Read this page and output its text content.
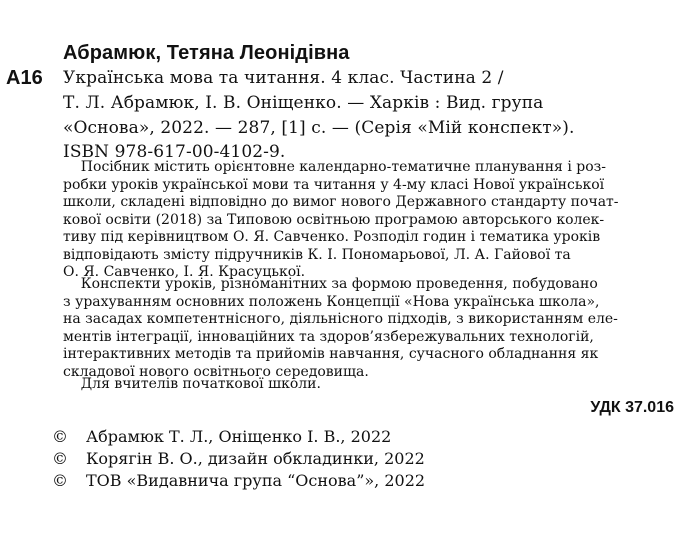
Абрамюк, Тетяна Леонідівна
А16 Українська мова та читання. 4 клас. Частина 2 /
Т. Л. Абрамюк, І. В. Оніщенко. — Харків : Вид. група
«Основа», 2022. — 287, [1] с. — (Серія «Мій конспект»).
ISBN 978-617-00-4102-9.
Посібник містить орієнтовне календарно-тематичне планування і роз-
робки уроків української мови та читання у 4-му класі Нової української
школи, складені відповідно до вимог нового Державного стандарту почат-
кової освіти (2018) за Типовою освітньою програмою авторського колек-
тиву під керівництвом О. Я. Савченко. Розподіл годин і тематика уроків
відповідають змісту підручників К. І. Пономарьової, Л. А. Гайової та
О. Я. Савченко, І. Я. Красуцької.
Конспекти уроків, різноманітних за формою проведення, побудовано
з урахуванням основних положень Концепції «Нова українська школа»,
на засадах компетентнісного, діяльнісного підходів, з використанням еле-
ментів інтеграції, інноваційних та здоров’язбережувальних технологій,
інтерактивних методів та прийомів навчання, сучасного обладнання як
складової нового освітнього середовища.
Для вчителів початкової школи.
УДК 37.016
© Абрамюк Т. Л., Оніщенко І. В., 2022
© Корягін В. О., дизайн обкладинки, 2022
© ТОВ «Видавнича група “Основа”», 2022
